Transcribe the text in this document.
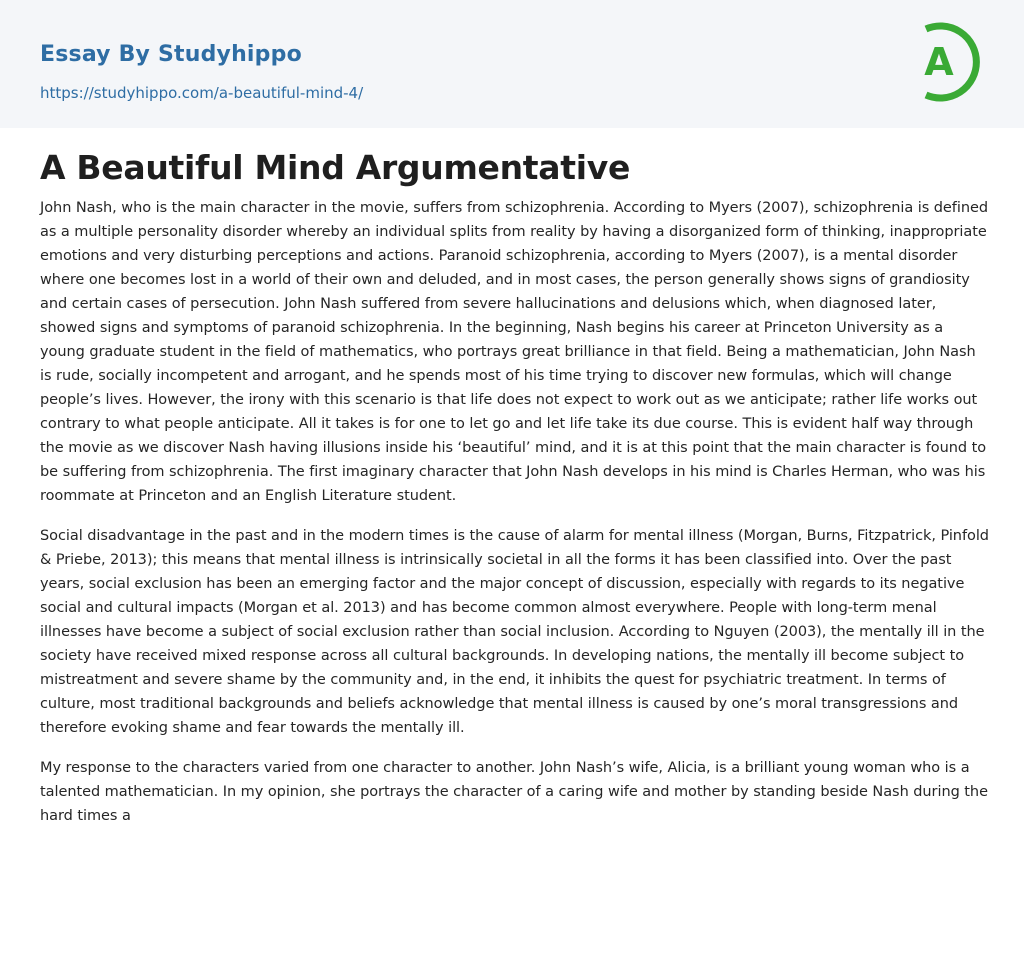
Essay By Studyhippo
https://studyhippo.com/a-beautiful-mind-4/
A
A Beautiful Mind Argumentative

John Nash, who is the main character in the movie, suffers from schizophrenia. According to Myers (2007), schizophrenia is defined as a multiple personality disorder whereby an individual splits from reality by having a disorganized form of thinking, inappropriate emotions and very disturbing perceptions and actions. Paranoid schizophrenia, according to Myers (2007), is a mental disorder where one becomes lost in a world of their own and deluded, and in most cases, the person generally shows signs of grandiosity and certain cases of persecution. John Nash suffered from severe hallucinations and delusions which, when diagnosed later, showed signs and symptoms of paranoid schizophrenia. In the beginning, Nash begins his career at Princeton University as a young graduate student in the field of mathematics, who portrays great brilliance in that field. Being a mathematician, John Nash is rude, socially incompetent and arrogant, and he spends most of his time trying to discover new formulas, which will change people’s lives. However, the irony with this scenario is that life does not expect to work out as we anticipate; rather life works out contrary to what people anticipate. All it takes is for one to let go and let life take its due course. This is evident half way through the movie as we discover Nash having illusions inside his ‘beautiful’ mind, and it is at this point that the main character is found to be suffering from schizophrenia. The first imaginary character that John Nash develops in his mind is Charles Herman, who was his roommate at Princeton and an English Literature student.

Social disadvantage in the past and in the modern times is the cause of alarm for mental illness (Morgan, Burns, Fitzpatrick, Pinfold & Priebe, 2013); this means that mental illness is intrinsically societal in all the forms it has been classified into. Over the past years, social exclusion has been an emerging factor and the major concept of discussion, especially with regards to its negative social and cultural impacts (Morgan et al. 2013) and has become common almost everywhere. People with long-term menal illnesses have become a subject of social exclusion rather than social inclusion. According to Nguyen (2003), the mentally ill in the society have received mixed response across all cultural backgrounds. In developing nations, the mentally ill become subject to mistreatment and severe shame by the community and, in the end, it inhibits the quest for psychiatric treatment. In terms of culture, most traditional backgrounds and beliefs acknowledge that mental illness is caused by one’s moral transgressions and therefore evoking shame and fear towards the mentally ill.

My response to the characters varied from one character to another. John Nash’s wife, Alicia, is a brilliant young woman who is a talented mathematician. In my opinion, she portrays the character of a caring wife and mother by standing beside Nash during the hard times a
